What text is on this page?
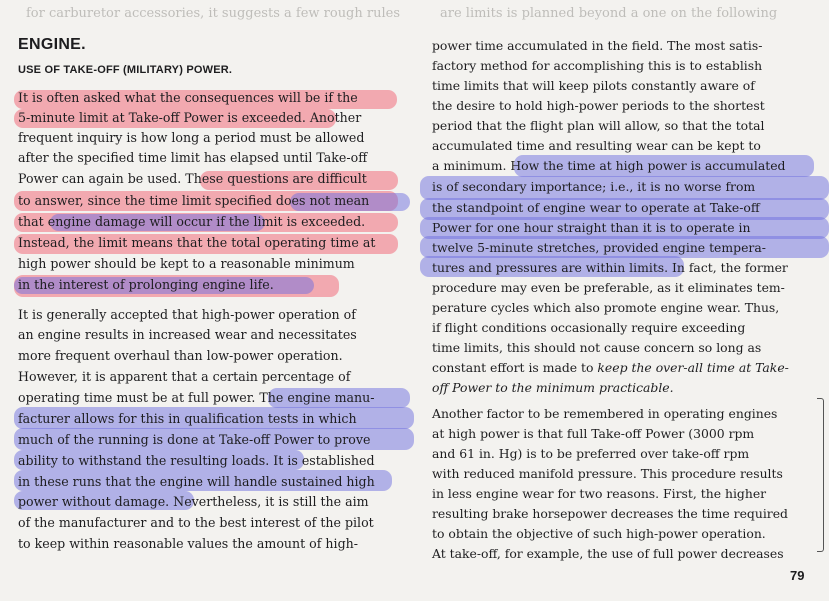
for carburetor accessories, it suggests a few rough rules	are limits is planned beyond a one on the following
ENGINE.
USE OF TAKE-OFF (MILITARY) POWER.
It is often asked what the consequences will be if the
5-minute limit at Take-off Power is exceeded. Another
frequent inquiry is how long a period must be allowed
after the specified time limit has elapsed until Take-off
Power can again be used. These questions are difficult
to answer, since the time limit specified does not mean
that engine damage will occur if the limit is exceeded.
Instead, the limit means that the total operating time at
high power should be kept to a reasonable minimum
in the interest of prolonging engine life.
It is generally accepted that high-power operation of
an engine results in increased wear and necessitates
more frequent overhaul than low-power operation.
However, it is apparent that a certain percentage of
operating time must be at full power. The engine manu-
facturer allows for this in qualification tests in which
much of the running is done at Take-off Power to prove
ability to withstand the resulting loads. It is established
in these runs that the engine will handle sustained high
power without damage. Nevertheless, it is still the aim
of the manufacturer and to the best interest of the pilot
to keep within reasonable values the amount of high-
power time accumulated in the field. The most satis-
factory method for accomplishing this is to establish
time limits that will keep pilots constantly aware of
the desire to hold high-power periods to the shortest
period that the flight plan will allow, so that the total
accumulated time and resulting wear can be kept to
a minimum. How the time at high power is accumulated
is of secondary importance; i.e., it is no worse from
the standpoint of engine wear to operate at Take-off
Power for one hour straight than it is to operate in
twelve 5-minute stretches, provided engine tempera-
tures and pressures are within limits. In fact, the former
procedure may even be preferable, as it eliminates tem-
perature cycles which also promote engine wear. Thus,
if flight conditions occasionally require exceeding
time limits, this should not cause concern so long as
constant effort is made to keep the over-all time at Take-
off Power to the minimum practicable.
Another factor to be remembered in operating engines
at high power is that full Take-off Power (3000 rpm
and 61 in. Hg) is to be preferred over take-off rpm
with reduced manifold pressure. This procedure results
in less engine wear for two reasons. First, the higher
resulting brake horsepower decreases the time required
to obtain the objective of such high-power operation.
At take-off, for example, the use of full power decreases
79
